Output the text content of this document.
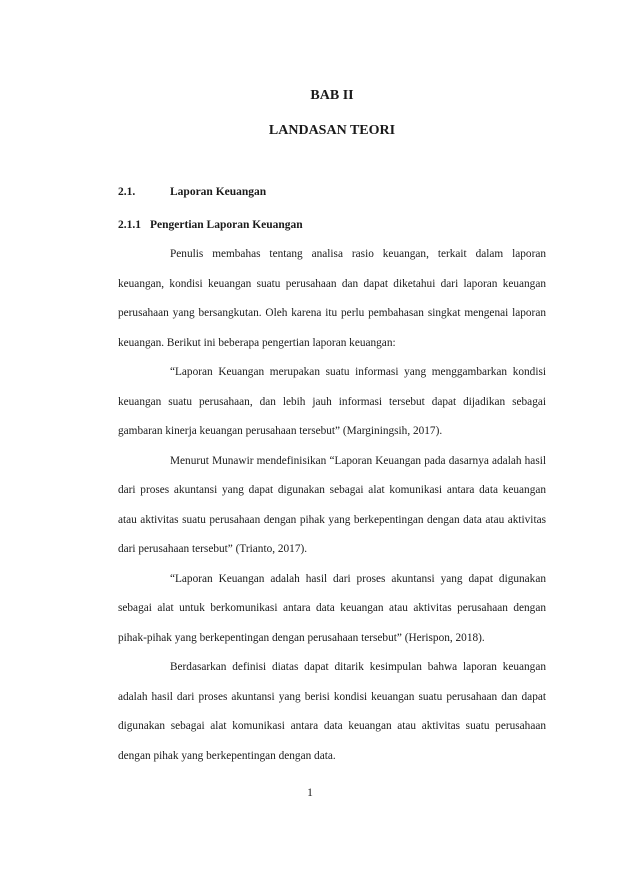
BAB II
LANDASAN TEORI
2.1.	Laporan Keuangan
2.1.1 Pengertian Laporan Keuangan

Penulis membahas tentang analisa rasio keuangan, terkait dalam laporan keuangan, kondisi keuangan suatu perusahaan dan dapat diketahui dari laporan keuangan perusahaan yang bersangkutan. Oleh karena itu perlu pembahasan singkat mengenai laporan keuangan. Berikut ini beberapa pengertian laporan keuangan:

“Laporan Keuangan merupakan suatu informasi yang menggambarkan kondisi keuangan suatu perusahaan, dan lebih jauh informasi tersebut dapat dijadikan sebagai gambaran kinerja keuangan perusahaan tersebut” (Marginingsih, 2017).

Menurut Munawir mendefinisikan “Laporan Keuangan pada dasarnya adalah hasil dari proses akuntansi yang dapat digunakan sebagai alat komunikasi antara data keuangan atau aktivitas suatu perusahaan dengan pihak yang berkepentingan dengan data atau aktivitas dari perusahaan tersebut” (Trianto, 2017).

“Laporan Keuangan adalah hasil dari proses akuntansi yang dapat digunakan sebagai alat untuk berkomunikasi antara data keuangan atau aktivitas perusahaan dengan pihak-pihak yang berkepentingan dengan perusahaan tersebut” (Herispon, 2018).

Berdasarkan definisi diatas dapat ditarik kesimpulan bahwa laporan keuangan adalah hasil dari proses akuntansi yang berisi kondisi keuangan suatu perusahaan dan dapat digunakan sebagai alat komunikasi antara data keuangan atau aktivitas suatu perusahaan dengan pihak yang berkepentingan dengan data.

1
